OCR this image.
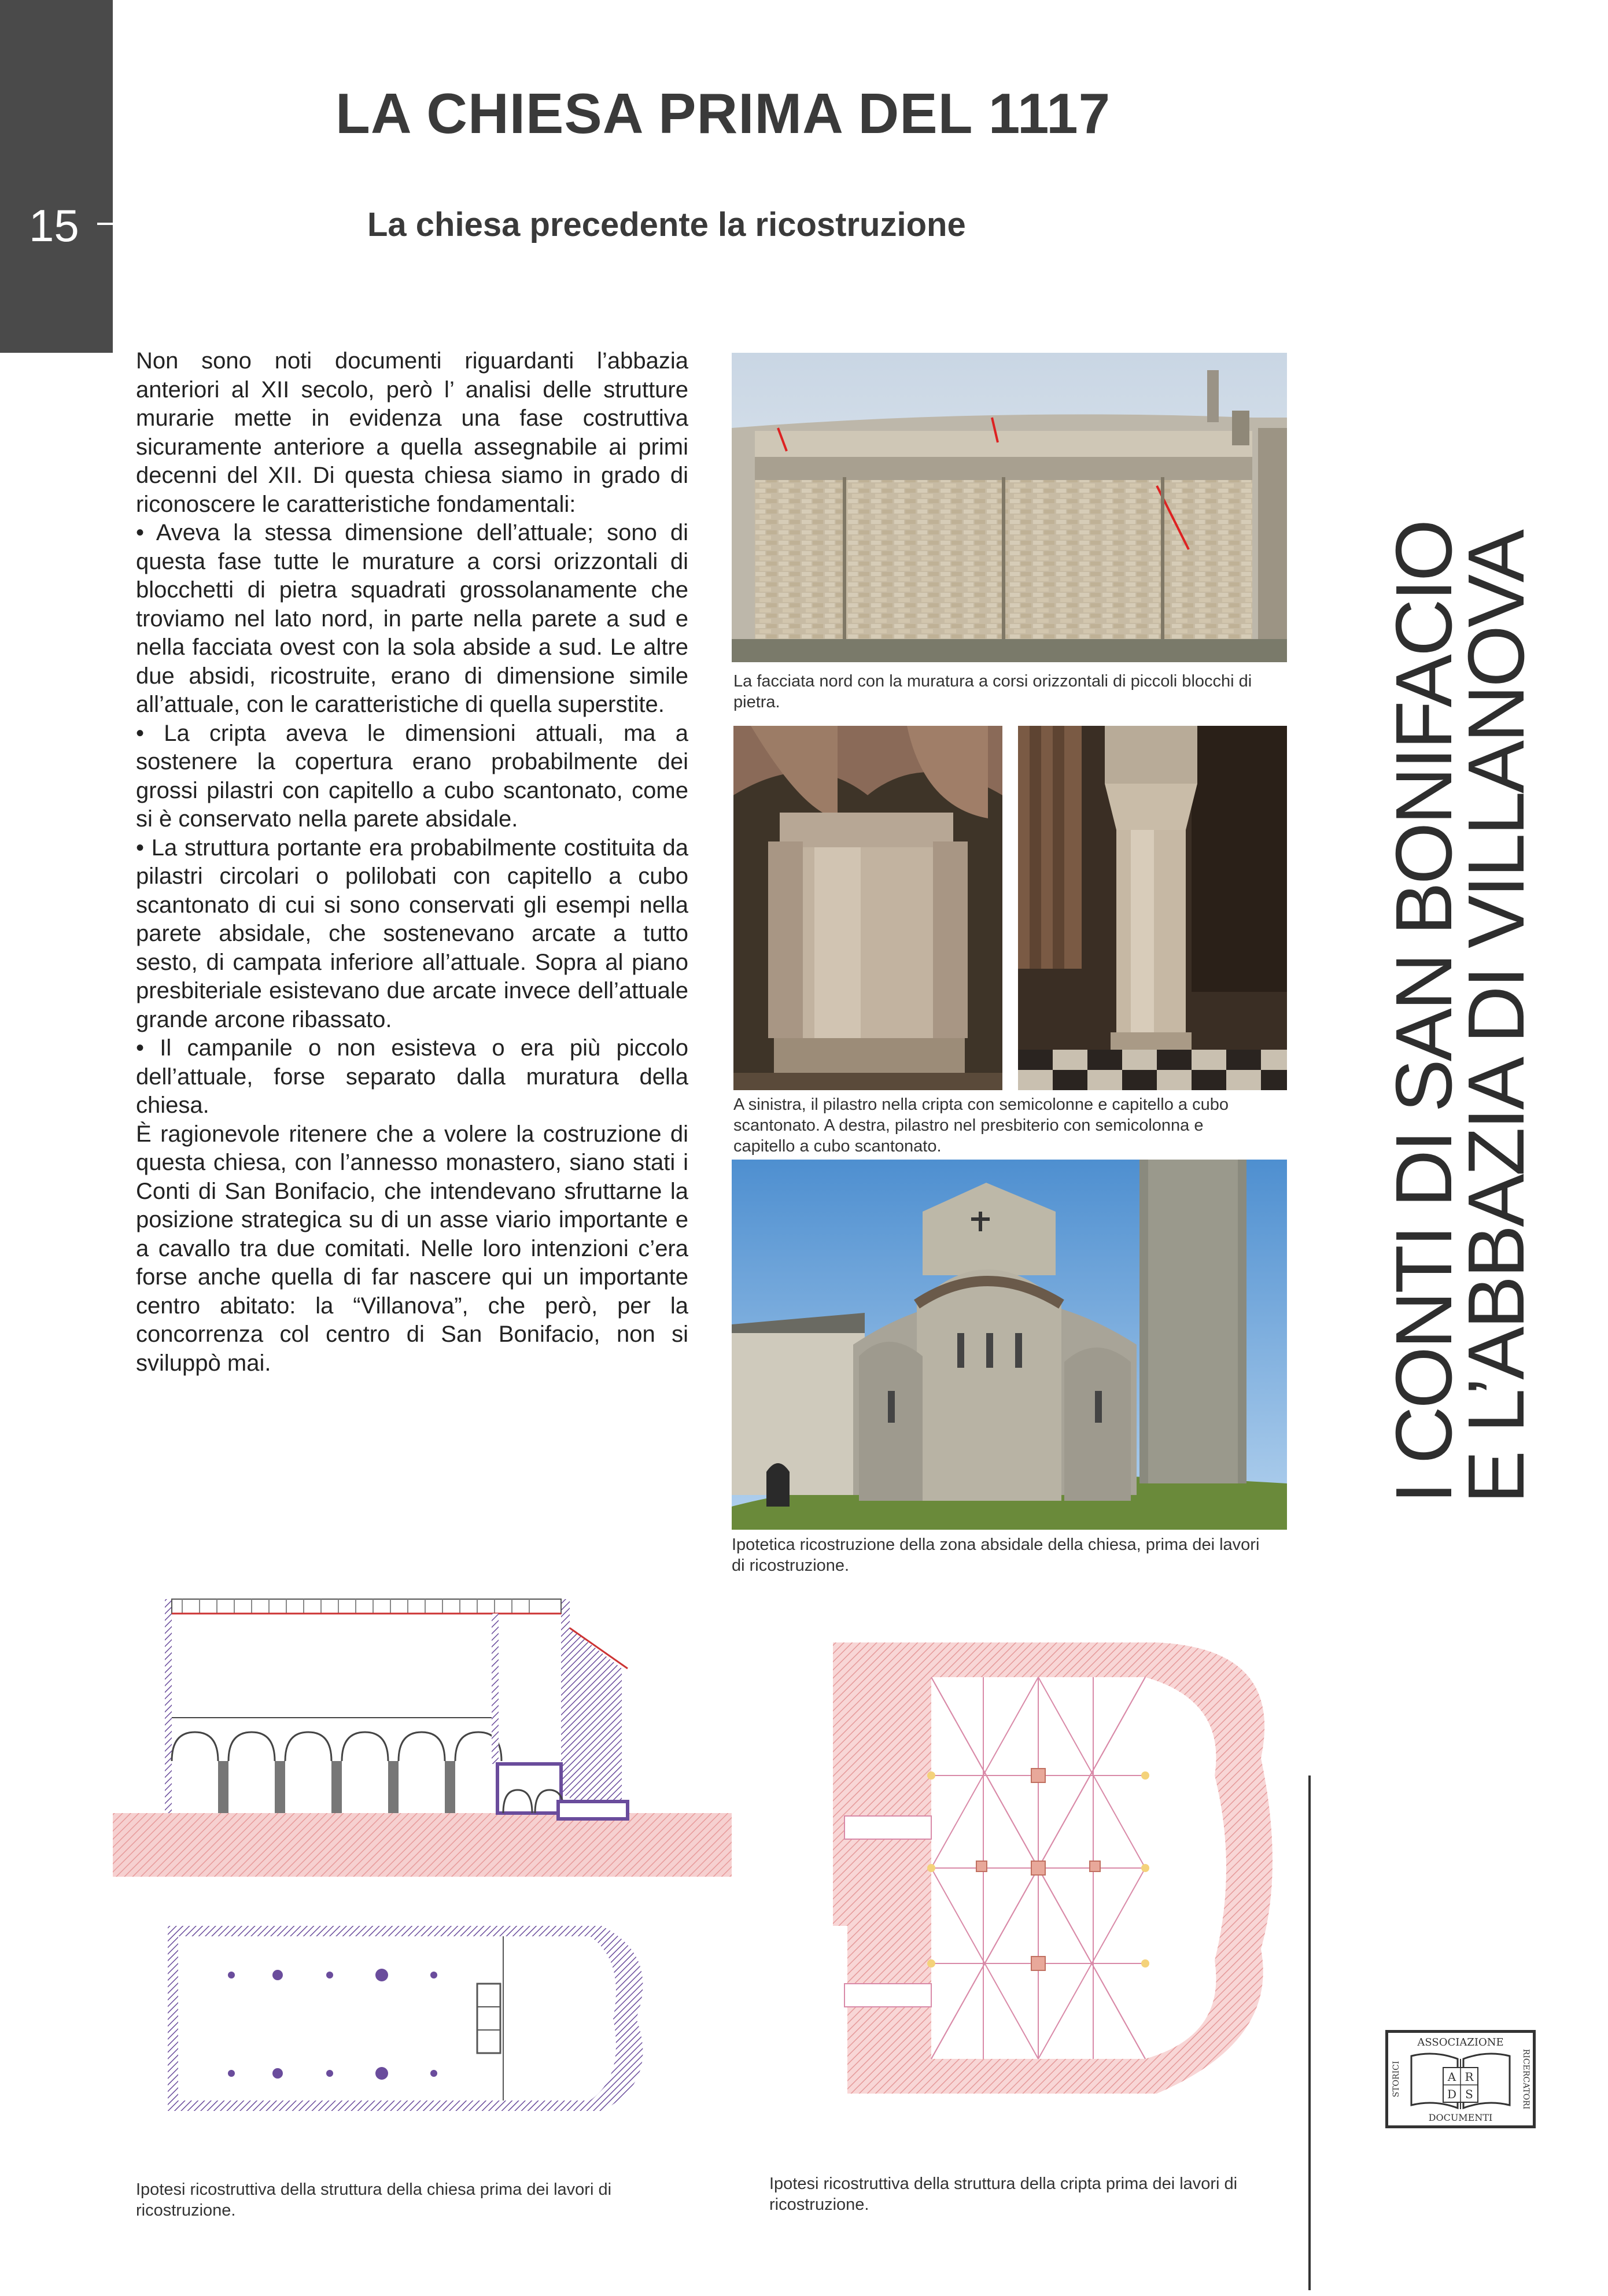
15
LA CHIESA PRIMA DEL 1117
La chiesa precedente la ricostruzione

Non sono noti documenti riguardanti l’abbazia anteriori al XII secolo, però l’ analisi delle strutture murarie mette in evidenza una fase costruttiva sicuramente anteriore a quella assegnabile ai primi decenni del XII. Di questa chiesa siamo in grado di riconoscere le caratteristiche fondamentali:

• Aveva la stessa dimensione dell’attuale; sono di questa fase tutte le murature a corsi orizzontali di blocchetti di pietra squadrati grossolanamente che troviamo nel lato nord, in parte nella parete a sud e nella facciata ovest con la sola abside a sud. Le altre due absidi, ricostruite, erano di dimensione simile all’attuale, con le caratteristiche di quella superstite.

• La cripta aveva le dimensioni attuali, ma a sostenere la copertura erano probabilmente dei grossi pilastri con capitello a cubo scantonato, come si è conservato nella parete absidale.

• La struttura portante era probabilmente costituita da pilastri circolari o polilobati con capitello a cubo scantonato di cui si sono conservati gli esempi nella parete absidale, che sostenevano arcate a tutto sesto, di campata inferiore all’attuale. Sopra al piano presbiteriale esistevano due arcate invece dell’attuale grande arcone ribassato.

• Il campanile o non esisteva o era più piccolo dell’attuale, forse separato dalla muratura della chiesa.

È ragionevole ritenere che a volere la costruzione di questa chiesa, con l’annesso monastero, siano stati i Conti di San Bonifacio, che intendevano sfruttarne la posizione strategica su di un asse viario importante e a cavallo tra due comitati. Nelle loro intenzioni c’era forse anche quella di far nascere qui un importante centro abitato: la “Villanova”, che però, per la concorrenza col centro di San Bonifacio, non si sviluppò mai.

La facciata nord con la muratura a corsi orizzontali di piccoli blocchi di pietra.
A sinistra, il pilastro nella cripta con semicolonne e capitello a cubo scantonato. A destra, pilastro nel presbiterio con semicolonna e capitello a cubo scantonato.
Ipotetica ricostruzione della zona absidale della chiesa, prima dei lavori di ricostruzione.
I CONTI DI SAN BONIFACIO
E L’ABBAZIA DI VILLANOVA
Ipotesi ricostruttiva della struttura della chiesa prima dei lavori di ricostruzione.
Ipotesi ricostruttiva della struttura della cripta prima dei lavori di ricostruzione.
ASSOCIAZIONE
DOCUMENTI
STORICI	RICERCATORI
A R
D S
